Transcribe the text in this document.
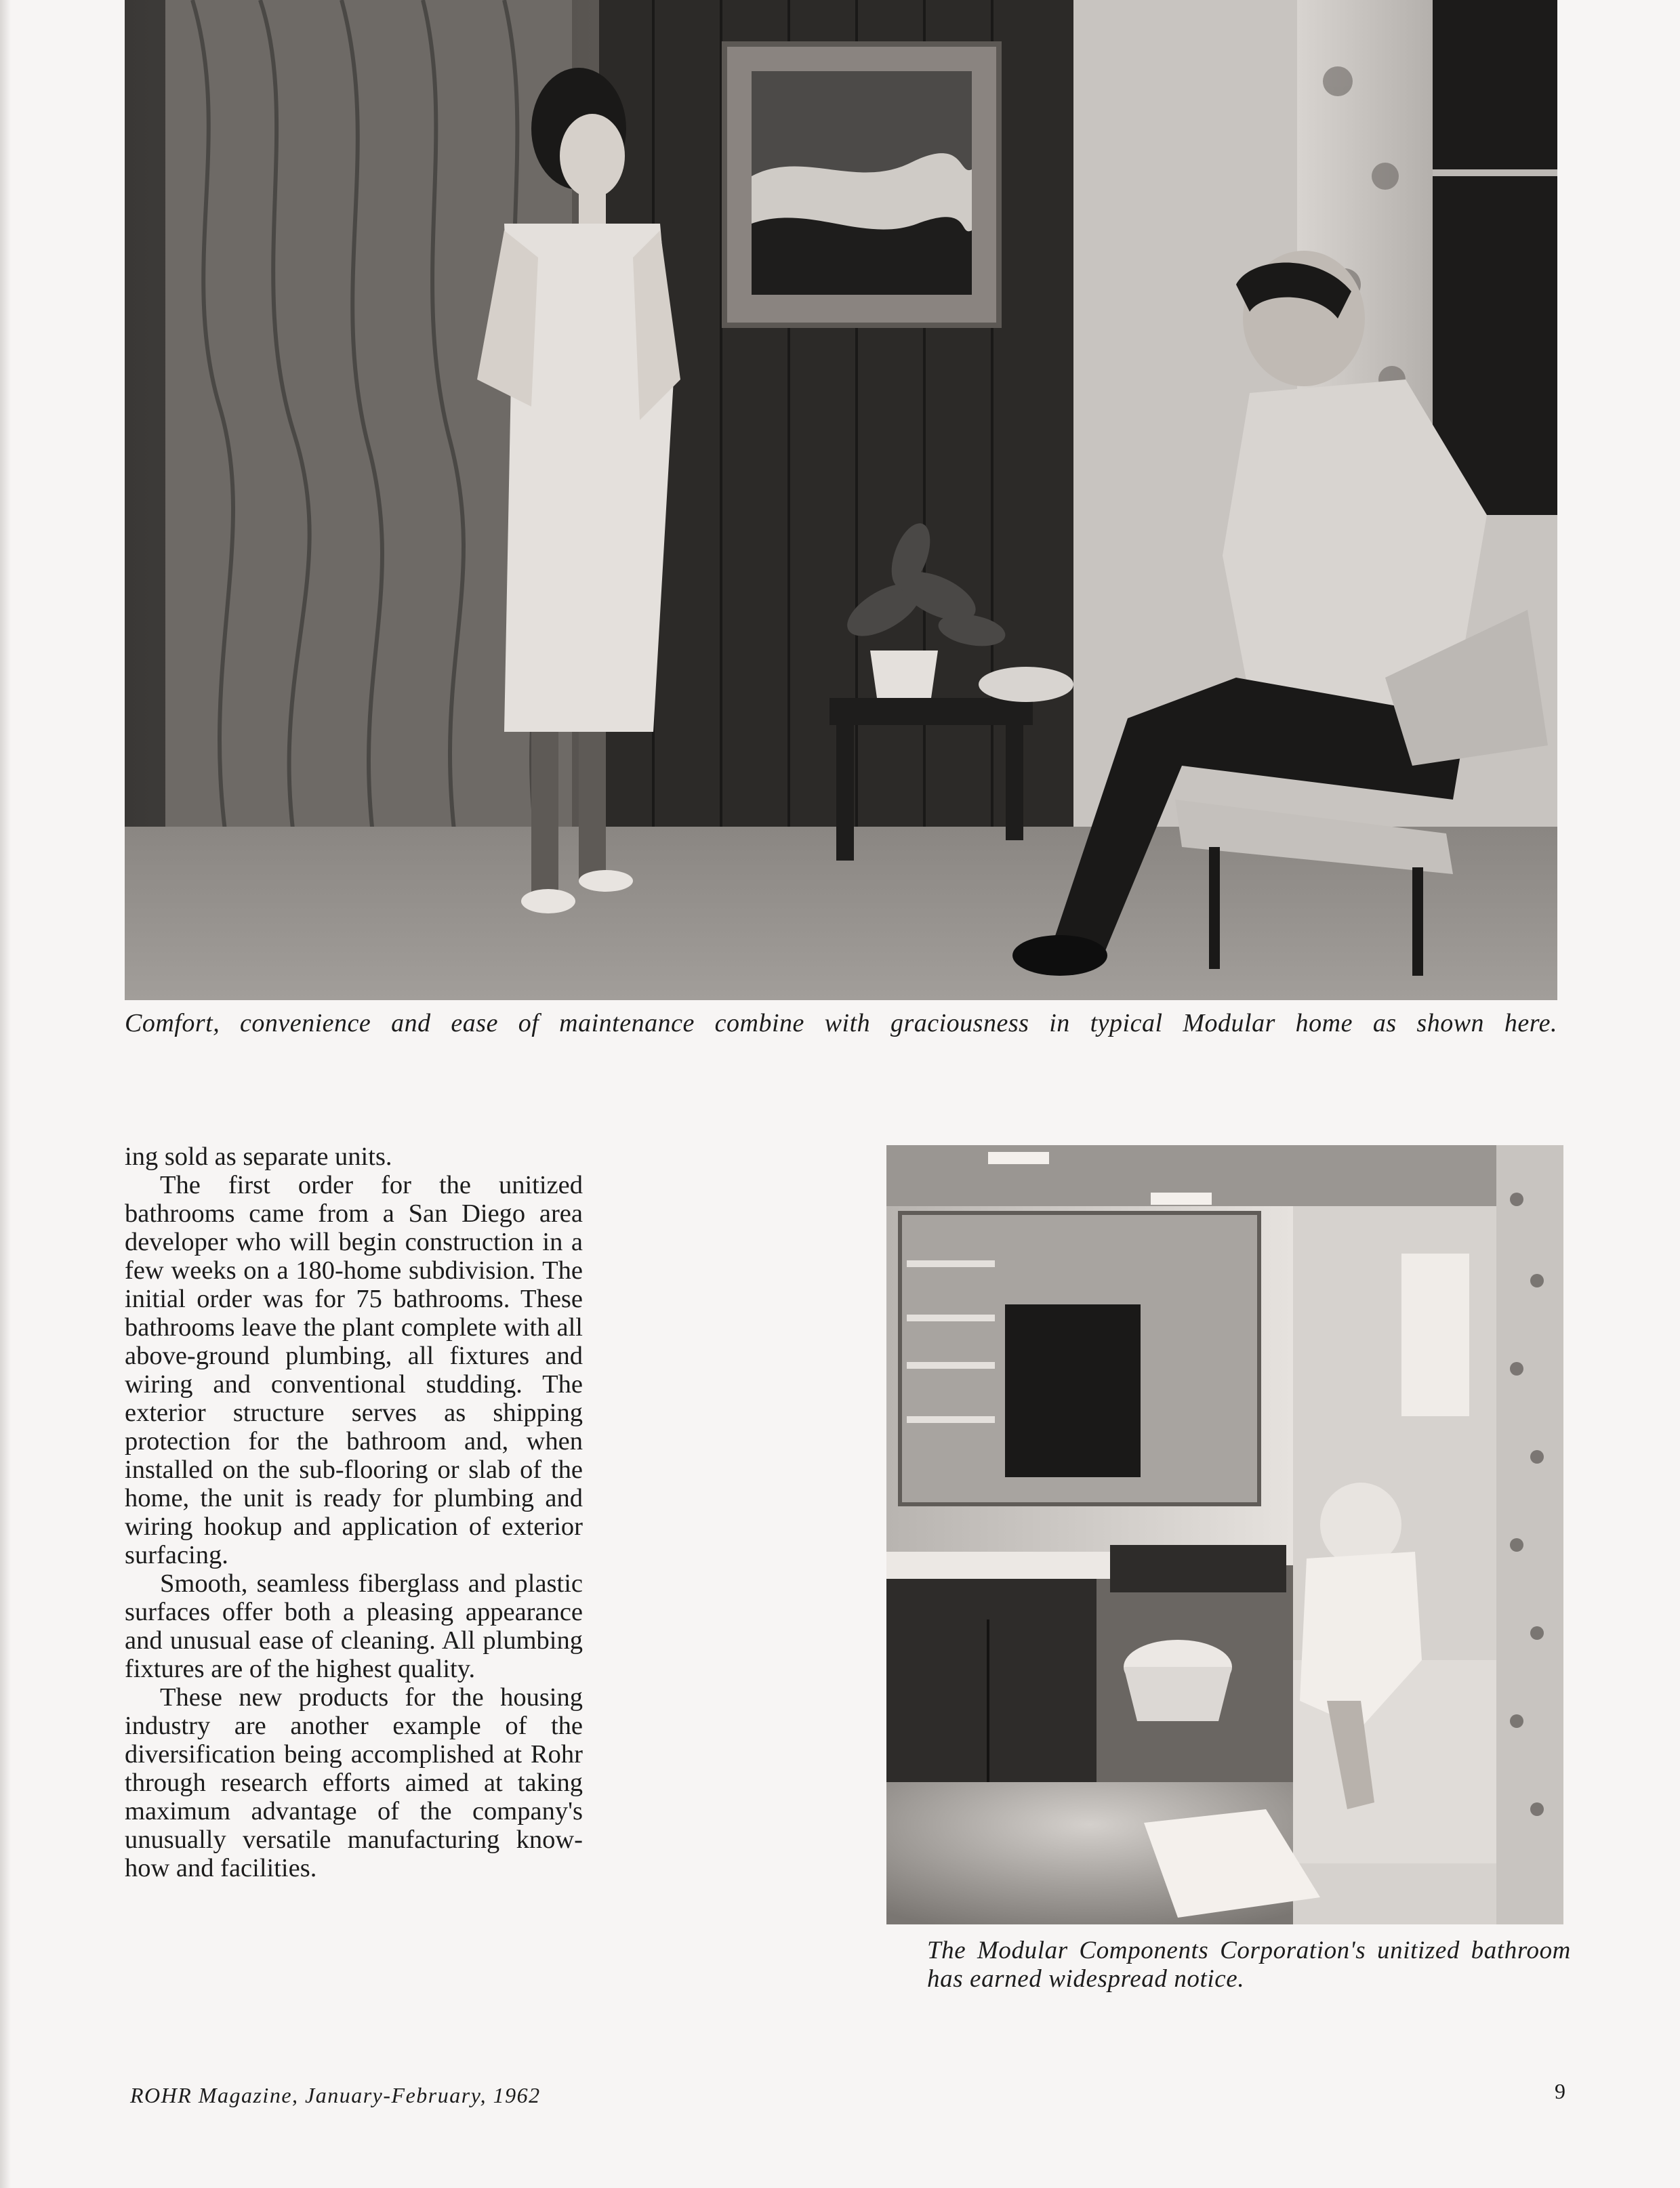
Comfort, convenience and ease of maintenance combine with graciousness in typical Modular home as shown here.

ing sold as separate units.

The first order for the unitized bathrooms came from a San Diego area developer who will begin construction in a few weeks on a 180-home subdivision. The initial order was for 75 bathrooms. These bathrooms leave the plant complete with all above-ground plumbing, all fixtures and wiring and conventional studding. The exterior structure serves as shipping protection for the bathroom and, when installed on the sub-flooring or slab of the home, the unit is ready for plumbing and wiring hookup and application of exterior surfacing.

Smooth, seamless fiberglass and plastic surfaces offer both a pleasing appearance and unusual ease of cleaning. All plumbing fixtures are of the highest quality.

These new products for the housing industry are another example of the diversification being accomplished at Rohr through research efforts aimed at taking maximum advantage of the company's unusually versatile manufacturing know-how and facilities.

The Modular Components Corporation's unitized bathroom has earned widespread notice.
ROHR Magazine, January-February, 1962	9
